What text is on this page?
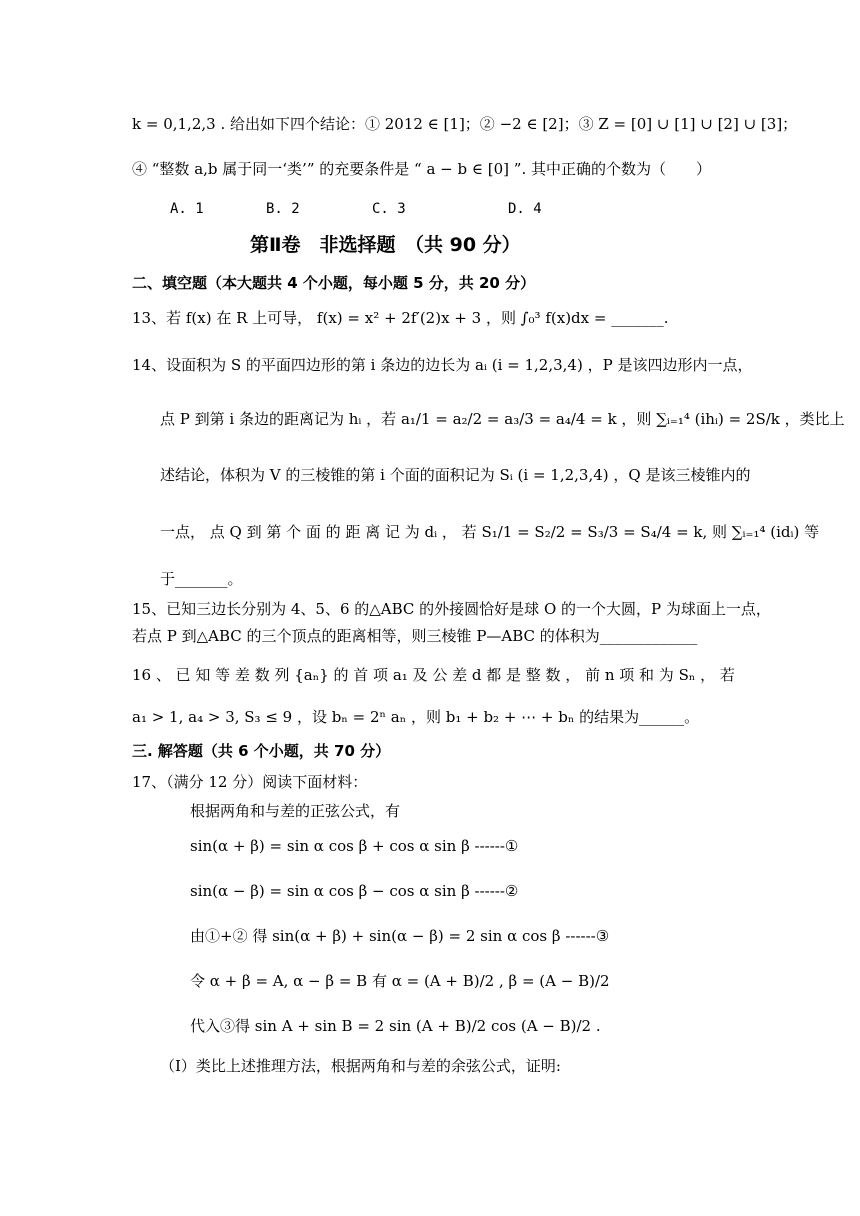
k = 0,1,2,3 . 给出如下四个结论：① 2012 ∈ [1]；② −2 ∈ [2]；③ Z = [0] ∪ [1] ∪ [2] ∪ [3]；
④ “整数 a,b 属于同一‘类’” 的充要条件是 “ a − b ∈ [0] ”. 其中正确的个数为（　　）
A. 1	B. 2	C. 3	D. 4
第Ⅱ卷　非选择题　（共 90 分）
二、填空题（本大题共 4 个小题，每小题 5 分，共 20 分）
13、若 f(x) 在 R 上可导， f(x) = x² + 2f′(2)x + 3 ，则 ∫₀³ f(x)dx = _______.
14、设面积为 S 的平面四边形的第 i 条边的边长为 aᵢ (i = 1,2,3,4) ，P 是该四边形内一点，
点 P 到第 i 条边的距离记为 hᵢ ，若 a₁/1 = a₂/2 = a₃/3 = a₄/4 = k ，则 ∑ᵢ₌₁⁴ (ihᵢ) = 2S/k ，类比上
述结论，体积为 V 的三棱锥的第 i 个面的面积记为 Sᵢ (i = 1,2,3,4) ，Q 是该三棱锥内的
一点， 点 Q 到 第 个 面 的 距 离 记 为 dᵢ ， 若 S₁/1 = S₂/2 = S₃/3 = S₄/4 = k, 则 ∑ᵢ₌₁⁴ (idᵢ) 等
于_______。
15、已知三边长分别为 4、5、6 的△ABC 的外接圆恰好是球 O 的一个大圆，P 为球面上一点，
若点 P 到△ABC 的三个顶点的距离相等，则三棱锥 P—ABC 的体积为_____________
16 、 已 知 等 差 数 列 {aₙ} 的 首 项 a₁ 及 公 差 d 都 是 整 数 ， 前 n 项 和 为 Sₙ ， 若
a₁ > 1, a₄ > 3, S₃ ≤ 9 ，设 bₙ = 2ⁿ aₙ ，则 b₁ + b₂ + ⋯ + bₙ 的结果为______。
三. 解答题（共 6 个小题，共 70 分）
17、（满分 12 分）阅读下面材料：
根据两角和与差的正弦公式，有
sin(α + β) = sin α cos β + cos α sin β ------①
sin(α − β) = sin α cos β − cos α sin β ------②
由①+② 得 sin(α + β) + sin(α − β) = 2 sin α cos β ------③
令 α + β = A, α − β = B 有 α = (A + B)/2 , β = (A − B)/2
代入③得 sin A + sin B = 2 sin (A + B)/2 cos (A − B)/2 .
（Ⅰ）类比上述推理方法，根据两角和与差的余弦公式，证明:
